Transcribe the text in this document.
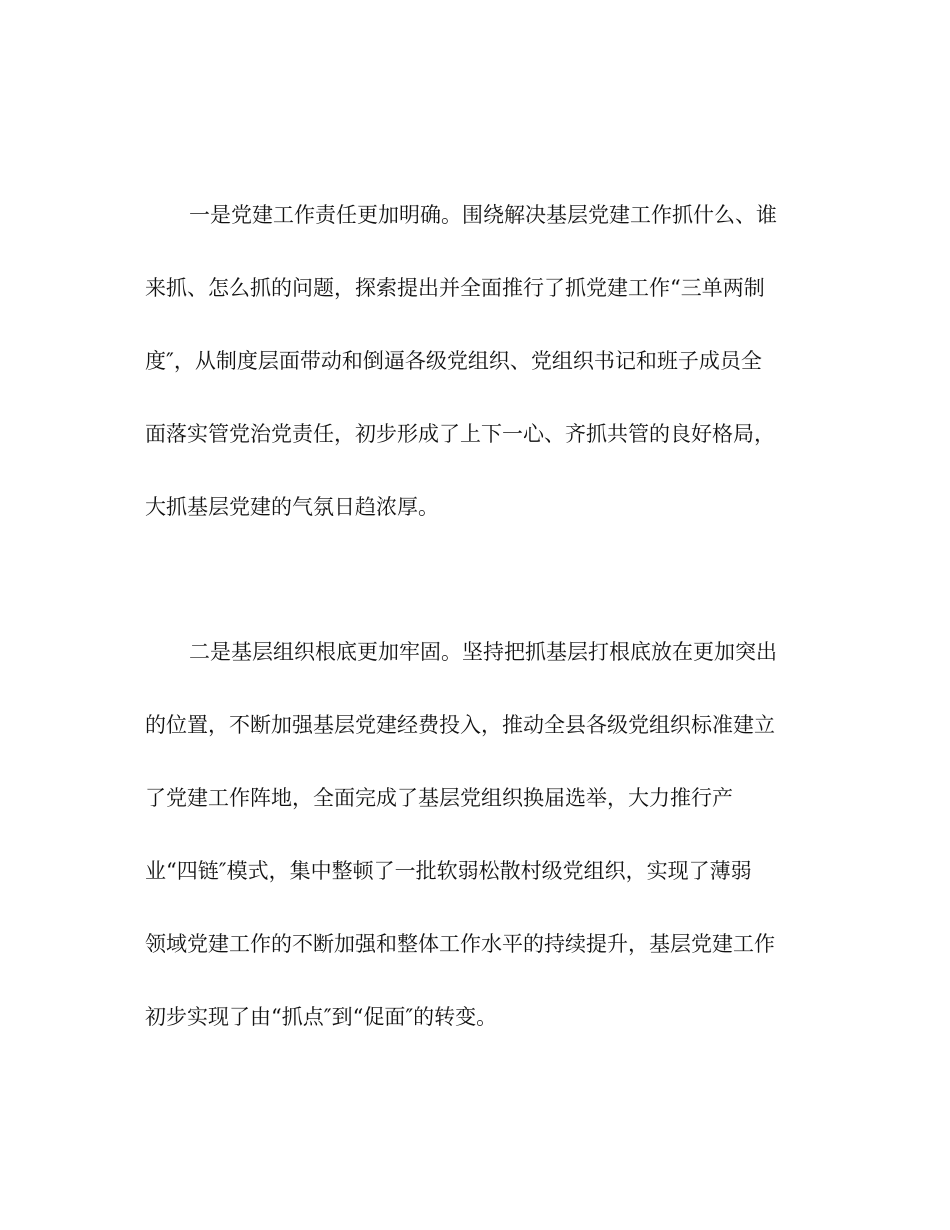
一是党建工作责任更加明确。围绕解决基层党建工作抓什么、谁
来抓、怎么抓的问题，探索提出并全面推行了抓党建工作“三单两制
度″，从制度层面带动和倒逼各级党组织、党组织书记和班子成员全
面落实管党治党责任，初步形成了上下一心、齐抓共管的良好格局，
大抓基层党建的气氛日趋浓厚。
二是基层组织根底更加牢固。坚持把抓基层打根底放在更加突出
的位置，不断加强基层党建经费投入，推动全县各级党组织标准建立
了党建工作阵地，全面完成了基层党组织换届选举，大力推行产
业“四链″模式，集中整顿了一批软弱松散村级党组织，实现了薄弱
领域党建工作的不断加强和整体工作水平的持续提升，基层党建工作
初步实现了由“抓点″到“促面″的转变。
